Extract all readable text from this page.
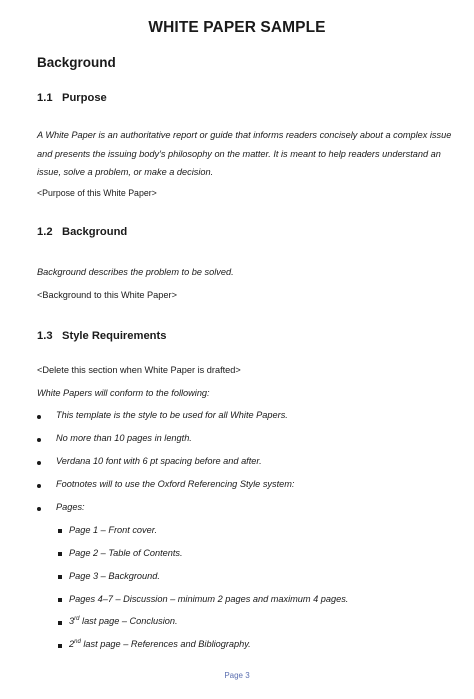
WHITE PAPER SAMPLE
Background
1.1 Purpose
A White Paper is an authoritative report or guide that informs readers concisely about a complex issue
and presents the issuing body's philosophy on the matter. It is meant to help readers understand an
issue, solve a problem, or make a decision.
<Purpose of this White Paper>
1.2 Background
Background describes the problem to be solved.
<Background to this White Paper>
1.3 Style Requirements
<Delete this section when White Paper is drafted>
White Papers will conform to the following:
This template is the style to be used for all White Papers.
No more than 10 pages in length.
Verdana 10 font with 6 pt spacing before and after.
Footnotes will to use the Oxford Referencing Style system:
Pages:
Page 1 – Front cover.
Page 2 – Table of Contents.
Page 3 – Background.
Pages 4–7 – Discussion – minimum 2 pages and maximum 4 pages.
3rd last page – Conclusion.
2nd last page – References and Bibliography.
Page 3
